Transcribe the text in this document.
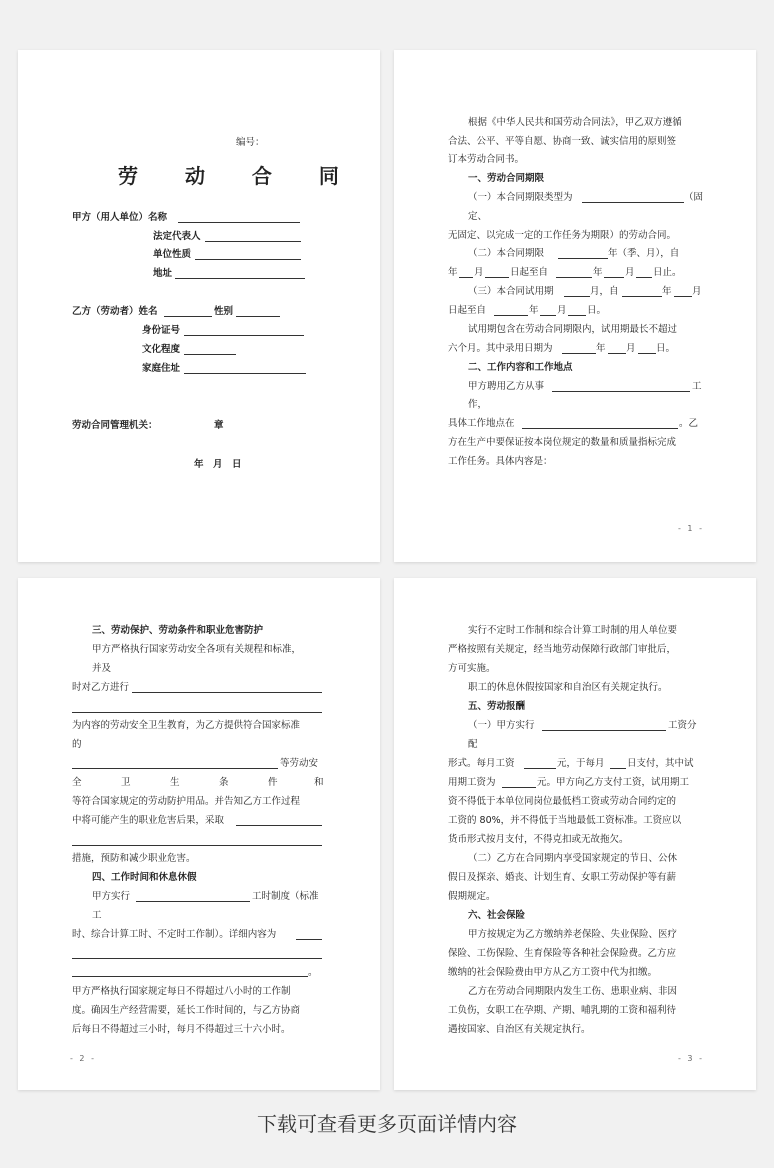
编号：
劳 动 合 同
甲方（用人单位）名称
法定代表人
单位性质
地址
乙方（劳动者）姓名	性别
身份证号
文化程度
家庭住址
劳动合同管理机关：	章
年　月　日
根据《中华人民共和国劳动合同法》，甲乙双方遵循
合法、公平、平等自愿、协商一致、诚实信用的原则签
订本劳动合同书。
一、劳动合同期限
（一）本合同期限类型为	（固
定、
无固定、以完成一定的工作任务为期限）的劳动合同。
（二）本合同期限	年（季、月），自
年 月	日起至自	年 月 日止。
（三）本合同试用期	月，自	年 月
日起至自	年 月 日。
试用期包含在劳动合同期限内，试用期最长不超过
六个月。其中录用日期为	年 月 日。
二、工作内容和工作地点
甲方聘用乙方从事	工
作，
具体工作地点在	。乙
方在生产中要保证按本岗位规定的数量和质量指标完成
工作任务。具体内容是：
- 1 -
三、劳动保护、劳动条件和职业危害防护
甲方严格执行国家劳动安全各项有关规程和标准，
并及
时对乙方进行
为内容的劳动安全卫生教育，为乙方提供符合国家标准
的
等劳动安
全	卫	生	条	件	和
等符合国家规定的劳动防护用品。并告知乙方工作过程
中将可能产生的职业危害后果，采取
措施，预防和减少职业危害。
四、工作时间和休息休假
甲方实行	工时制度（标准
工
时、综合计算工时、不定时工作制）。详细内容为
。
甲方严格执行国家规定每日不得超过八小时的工作制
度。确因生产经营需要，延长工作时间的，与乙方协商
后每日不得超过三小时，每月不得超过三十六小时。
- 2 -
实行不定时工作制和综合计算工时制的用人单位要
严格按照有关规定，经当地劳动保障行政部门审批后，
方可实施。
职工的休息休假按国家和自治区有关规定执行。
五、劳动报酬
（一）甲方实行	工资分
配
形式。每月工资	元，于每月 日支付，其中试
用期工资为	元。甲方向乙方支付工资，试用期工
资不得低于本单位同岗位最低档工资或劳动合同约定的
工资的 80%，并不得低于当地最低工资标准。工资应以
货币形式按月支付，不得克扣或无故拖欠。
（二）乙方在合同期内享受国家规定的节日、公休
假日及探亲、婚丧、计划生育、女职工劳动保护等有薪
假期规定。
六、社会保险
甲方按规定为乙方缴纳养老保险、失业保险、医疗
保险、工伤保险、生育保险等各种社会保险费。乙方应
缴纳的社会保险费由甲方从乙方工资中代为扣缴。
乙方在劳动合同期限内发生工伤、患职业病、非因
工负伤，女职工在孕期、产期、哺乳期的工资和福利待
遇按国家、自治区有关规定执行。
- 3 -
下载可查看更多页面详情内容
